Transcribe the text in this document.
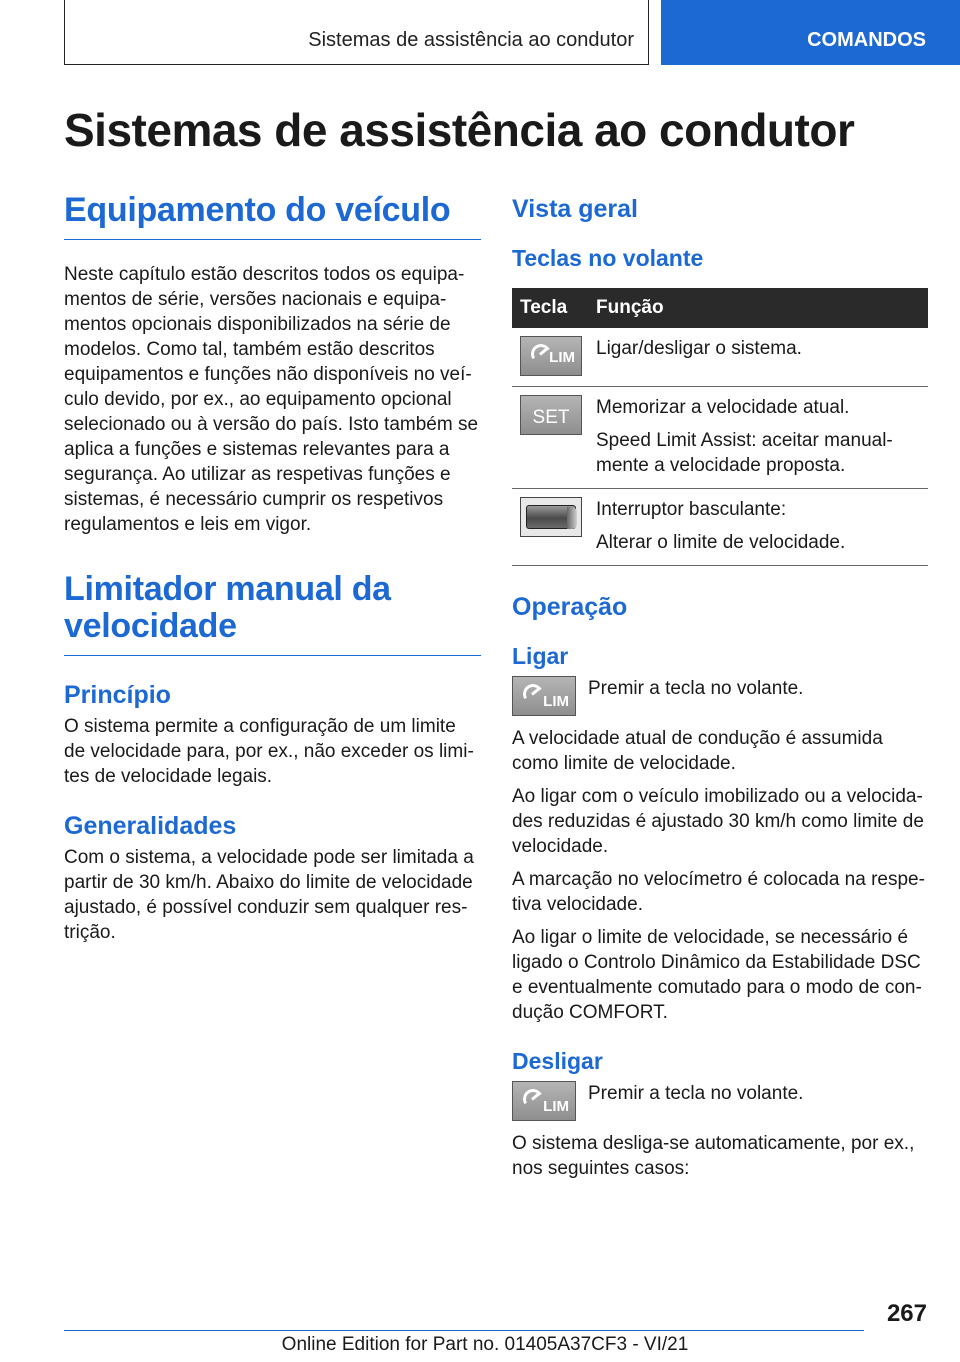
Sistemas de assistência ao condutor	COMANDOS
Sistemas de assistência ao condutor
Equipamento do veículo

Neste capítulo estão descritos todos os equipamentos de série, versões nacionais e equipamentos opcionais disponibilizados na série de modelos. Como tal, também estão descritos equipamentos e funções não disponíveis no veículo devido, por ex., ao equipamento opcional selecionado ou à versão do país. Isto também se aplica a funções e sistemas relevantes para a segurança. Ao utilizar as respetivas funções e sistemas, é necessário cumprir os respetivos regulamentos e leis em vigor.

Limitador manual da velocidade
Princípio

O sistema permite a configuração de um limite de velocidade para, por ex., não exceder os limites de velocidade legais.

Generalidades

Com o sistema, a velocidade pode ser limitada a partir de 30 km/h. Abaixo do limite de velocidade ajustado, é possível conduzir sem qualquer restrição.

Vista geral
Teclas no volante
Tecla	Função

LIM	Ligar/desligar o sistema.

SET	Memorizar a velocidade atual.

Speed Limit Assist: aceitar manualmente a velocidade proposta.

	Interruptor basculante:

Alterar o limite de velocidade.

Operação
Ligar
LIM

Premir a tecla no volante.

A velocidade atual de condução é assumida como limite de velocidade.

Ao ligar com o veículo imobilizado ou a velocidades reduzidas é ajustado 30 km/h como limite de velocidade.

A marcação no velocímetro é colocada na respetiva velocidade.

Ao ligar o limite de velocidade, se necessário é ligado o Controlo Dinâmico da Estabilidade DSC e eventualmente comutado para o modo de condução COMFORT.

Desligar
LIM

Premir a tecla no volante.

O sistema desliga-se automaticamente, por ex., nos seguintes casos:

267
Online Edition for Part no. 01405A37CF3 - VI/21
